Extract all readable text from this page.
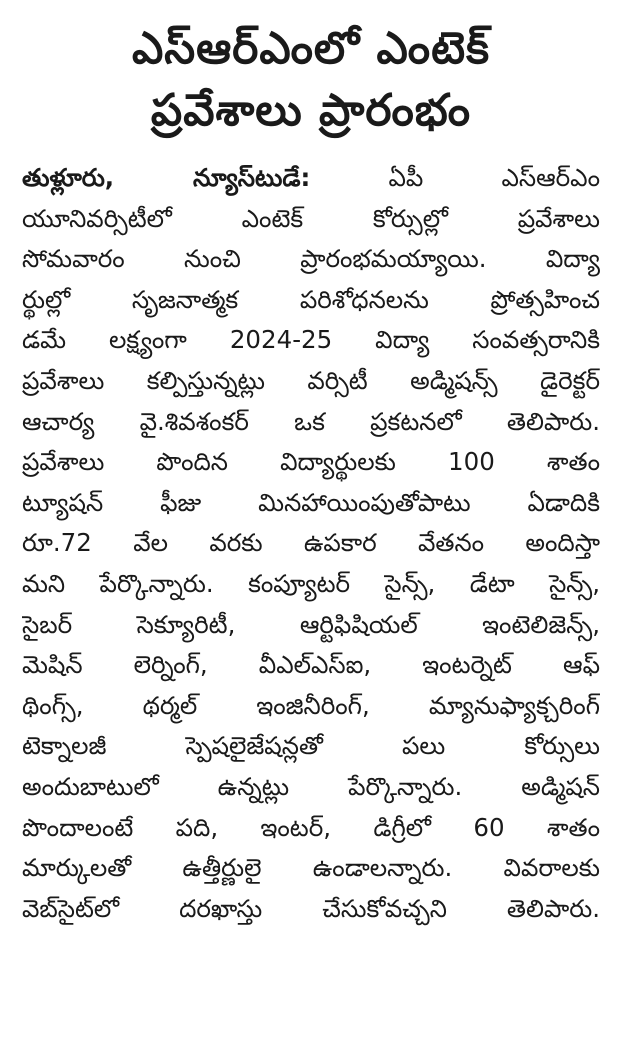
ఎస్ఆర్ఎంలో ఎంటెక్
ప్రవేశాలు ప్రారంభం
తుళ్లూరు, న్యూస్‌టుడే:	ఏపీ ఎస్ఆర్ఎం
యూనివర్సిటీలో ఎంటెక్ కోర్సుల్లో ప్రవేశాలు
సోమవారం నుంచి ప్రారంభమయ్యాయి. విద్యా
ర్థుల్లో సృజనాత్మక పరిశోధనలను ప్రోత్సహించ
డమే లక్ష్యంగా 2024-25 విద్యా సంవత్సరానికి
ప్రవేశాలు కల్పిస్తున్నట్లు వర్సిటీ అడ్మిషన్స్ డైరెక్టర్
ఆచార్య వై.శివశంకర్ ఒక ప్రకటనలో తెలిపారు.
ప్రవేశాలు పొందిన విద్యార్థులకు 100 శాతం
ట్యూషన్ ఫీజు మినహాయింపుతోపాటు ఏడాదికి
రూ.72 వేల వరకు ఉపకార వేతనం అందిస్తా
మని పేర్కొన్నారు. కంప్యూటర్ సైన్స్, డేటా సైన్స్,
సైబర్ సెక్యూరిటీ, ఆర్టిఫిషియల్ ఇంటెలిజెన్స్,
మెషిన్ లెర్నింగ్, వీఎల్ఎస్ఐ, ఇంటర్నెట్ ఆఫ్
థింగ్స్, థర్మల్ ఇంజినీరింగ్, మ్యానుఫ్యాక్చరింగ్
టెక్నాలజీ స్పెషలైజేషన్లతో పలు కోర్సులు
అందుబాటులో ఉన్నట్లు పేర్కొన్నారు. అడ్మిషన్
పొందాలంటే పది, ఇంటర్, డిగ్రీలో 60 శాతం
మార్కులతో ఉత్తీర్ణులై ఉండాలన్నారు. వివరాలకు
వెబ్‌సైట్‌లో దరఖాస్తు చేసుకోవచ్చని తెలిపారు.
